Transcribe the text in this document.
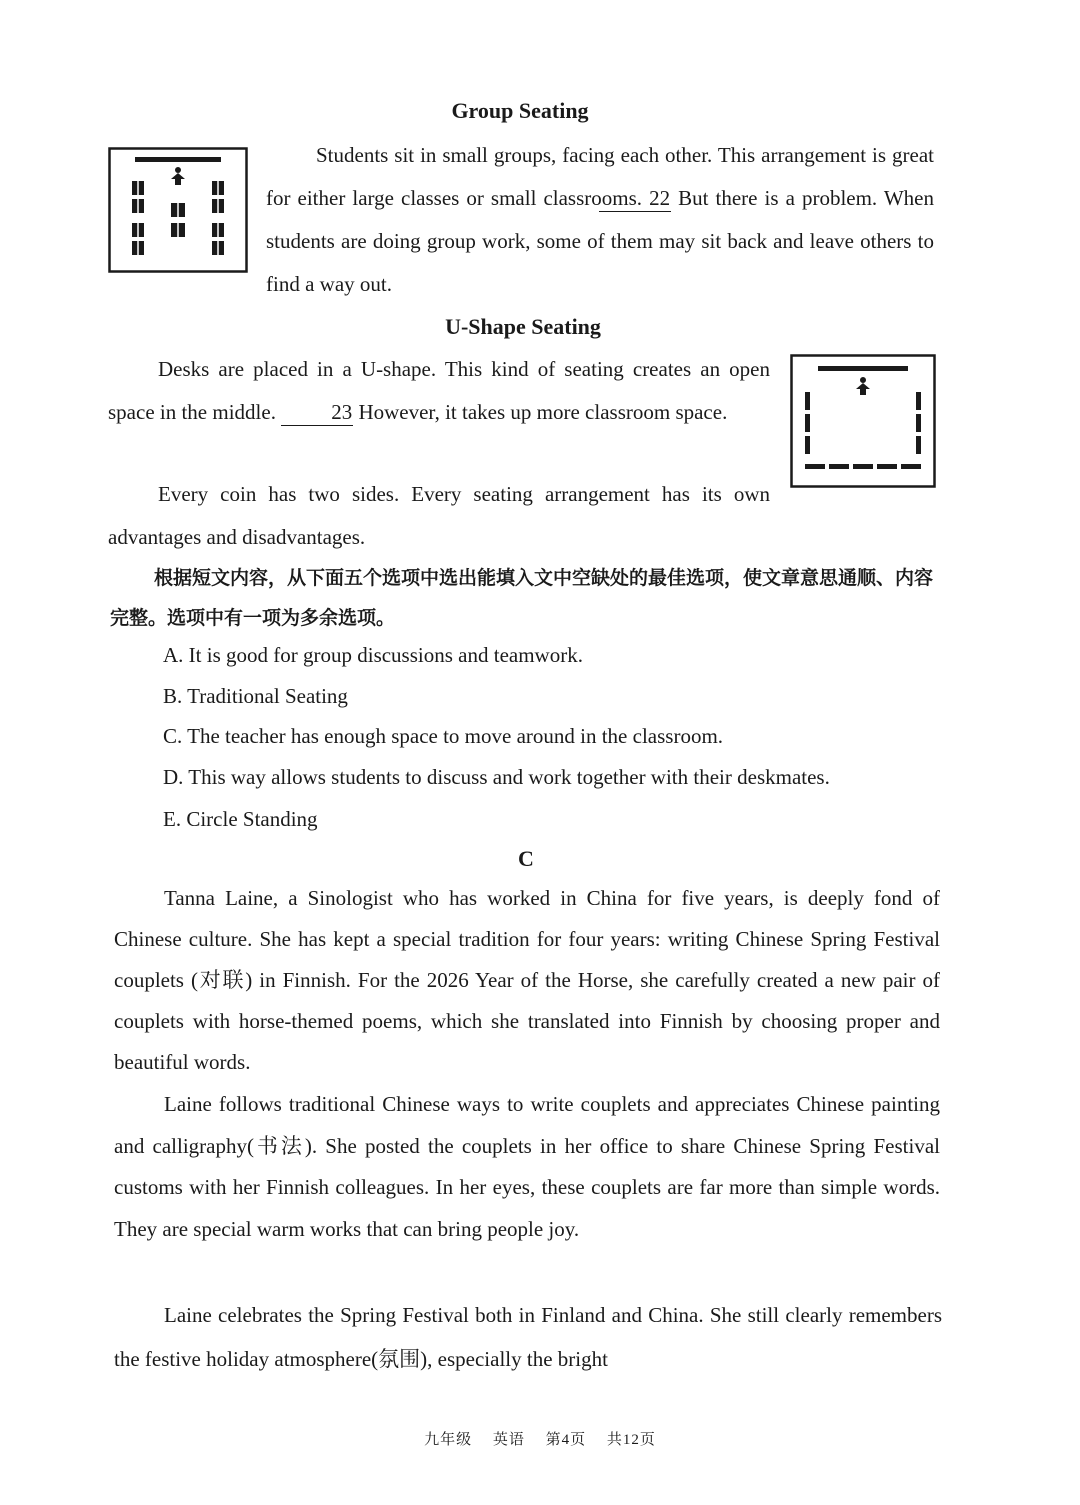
Group Seating

Students sit in small groups, facing each other. This arrangement is great for either large classes or small classrooms. 22 But there is a problem. When students are doing group work, some of them may sit back and leave others to find a way out.

U-Shape Seating

Desks are placed in a U-shape. This kind of seating creates an open space in the middle.	23 However, it takes up more classroom space.

Every coin has two sides. Every seating arrangement has its own advantages and disadvantages.

根据短文内容，从下面五个选项中选出能填入文中空缺处的最佳选项，使文章意思通顺、内容完整。选项中有一项为多余选项。

A. It is good for group discussions and teamwork.
B. Traditional Seating
C. The teacher has enough space to move around in the classroom.
D. This way allows students to discuss and work together with their deskmates.
E. Circle Standing
C

Tanna Laine, a Sinologist who has worked in China for five years, is deeply fond of Chinese culture. She has kept a special tradition for four years: writing Chinese Spring Festival couplets (对联) in Finnish. For the 2026 Year of the Horse, she carefully created a new pair of couplets with horse-themed poems, which she translated into Finnish by choosing proper and beautiful words.

Laine follows traditional Chinese ways to write couplets and appreciates Chinese painting and calligraphy(书法). She posted the couplets in her office to share Chinese Spring Festival customs with her Finnish colleagues. In her eyes, these couplets are far more than simple words. They are special warm works that can bring people joy.

Laine celebrates the Spring Festival both in Finland and China. She still clearly remembers the festive holiday atmosphere(氛围), especially the bright

九年级 英语 第4页 共12页
